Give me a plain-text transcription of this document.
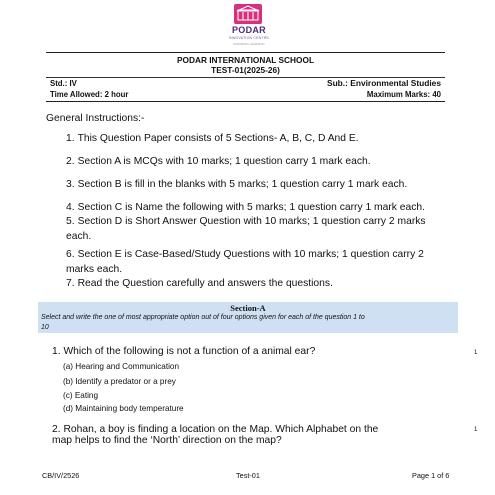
PODAR
INNOVATION CENTRE
INSPIRING LEARNING
PODAR INTERNATIONAL SCHOOL
TEST-01(2025-26)
Std.: IV	Sub.: Environmental Studies
Time Allowed: 2 hour	Maximum Marks: 40
General Instructions:-
1. This Question Paper consists of 5 Sections- A, B, C, D And E.
2. Section A is MCQs with 10 marks; 1 question carry 1 mark each.
3. Section B is fill in the blanks with 5 marks; 1 question carry 1 mark each.
4. Section C is Name the following with 5 marks; 1 question carry 1 mark each.
5. Section D is Short Answer Question with 10 marks; 1 question carry 2 marks
each.
6. Section E is Case-Based/Study Questions with 10 marks; 1 question carry 2
marks each.
7. Read the Question carefully and answers the questions.
Section-A
Select and write the one of most appropriate option out of four options given for each of the question 1 to
10
1. Which of the following is not a function of a animal ear?	1
(a) Hearing and Communication
(b) Identify a predator or a prey
(c) Eating
(d) Maintaining body temperature
2. Rohan, a boy is finding a location on the Map. Which Alphabet on the
map helps to find the ‘North’ direction on the map?
1
CB/IV/2526	Test-01	Page 1 of 6
